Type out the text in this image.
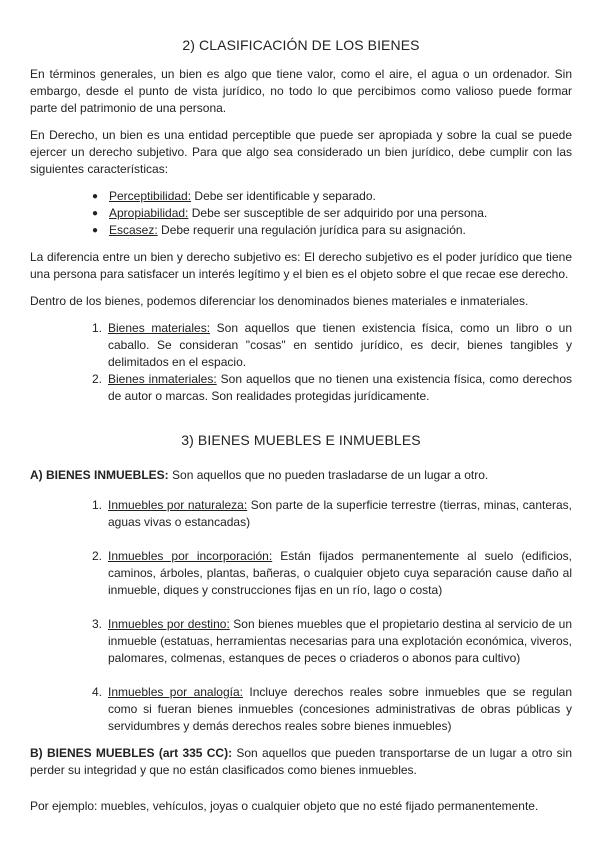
2) CLASIFICACIÓN DE LOS BIENES

En términos generales, un bien es algo que tiene valor, como el aire, el agua o un ordenador. Sin embargo, desde el punto de vista jurídico, no todo lo que percibimos como valioso puede formar parte del patrimonio de una persona.

En Derecho, un bien es una entidad perceptible que puede ser apropiada y sobre la cual se puede ejercer un derecho subjetivo. Para que algo sea considerado un bien jurídico, debe cumplir con las siguientes características:

● Perceptibilidad: Debe ser identificable y separado.
● Apropiabilidad: Debe ser susceptible de ser adquirido por una persona.
● Escasez: Debe requerir una regulación jurídica para su asignación.

La diferencia entre un bien y derecho subjetivo es: El derecho subjetivo es el poder jurídico que tiene una persona para satisfacer un interés legítimo y el bien es el objeto sobre el que recae ese derecho.

Dentro de los bienes, podemos diferenciar los denominados bienes materiales e inmateriales.

1. Bienes materiales: Son aquellos que tienen existencia física, como un libro o un caballo. Se consideran "cosas" en sentido jurídico, es decir, bienes tangibles y delimitados en el espacio.
2. Bienes inmateriales: Son aquellos que no tienen una existencia física, como derechos de autor o marcas. Son realidades protegidas jurídicamente.
3) BIENES MUEBLES E INMUEBLES

A) BIENES INMUEBLES: Son aquellos que no pueden trasladarse de un lugar a otro.

1. Inmuebles por naturaleza: Son parte de la superficie terrestre (tierras, minas, canteras, aguas vivas o estancadas)
2. Inmuebles por incorporación: Están fijados permanentemente al suelo (edificios, caminos, árboles, plantas, bañeras, o cualquier objeto cuya separación cause daño al inmueble, diques y construcciones fijas en un río, lago o costa)
3. Inmuebles por destino: Son bienes muebles que el propietario destina al servicio de un inmueble (estatuas, herramientas necesarias para una explotación económica, viveros, palomares, colmenas, estanques de peces o criaderos o abonos para cultivo)
4. Inmuebles por analogía: Incluye derechos reales sobre inmuebles que se regulan como si fueran bienes inmuebles (concesiones administrativas de obras públicas y servidumbres y demás derechos reales sobre bienes inmuebles)

B) BIENES MUEBLES (art 335 CC): Son aquellos que pueden transportarse de un lugar a otro sin perder su integridad y que no están clasificados como bienes inmuebles.

Por ejemplo: muebles, vehículos, joyas o cualquier objeto que no esté fijado permanentemente.
